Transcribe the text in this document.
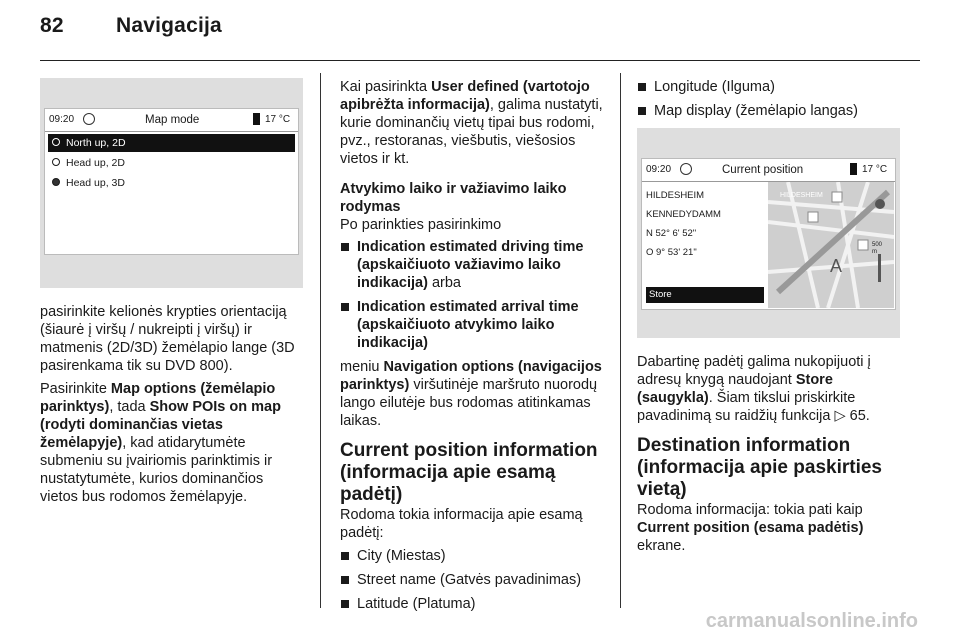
82 Navigacija
09:20	Map mode	17 °C
North up, 2D
Head up, 2D
Head up, 3D

pasirinkite kelionės krypties orientaciją (šiaurė į viršų / nukreipti į viršų) ir matmenis (2D/3D) žemėlapio lange (3D pasirenkama tik su DVD 800).

Pasirinkite Map options (žemėlapio parinktys), tada Show POIs on map (rodyti dominančias vietas žemėlapyje), kad atidarytumėte submeniu su įvairiomis parinktimis ir nustatytumėte, kurios dominančios vietos bus rodomos žemėlapyje.

Kai pasirinkta User defined (vartotojo apibrėžta informacija), galima nustatyti, kurie dominančių vietų tipai bus rodomi, pvz., restoranas, viešbutis, viešosios vietos ir kt.

Atvykimo laiko ir važiavimo laiko rodymas

Po parinkties pasirinkimo

Indication estimated driving time (apskaičiuoto važiavimo laiko indikacija) arba
Indication estimated arrival time (apskaičiuoto atvykimo laiko indikacija)

meniu Navigation options (navigacijos parinktys) viršutinėje maršruto nuorodų lango eilutėje bus rodomas atitinkamas laikas.

Current position information (informacija apie esamą padėtį)

Rodoma tokia informacija apie esamą padėtį:

City (Miestas)
Street name (Gatvės pavadinimas)
Latitude (Platuma)
Longitude (Ilguma)
Map display (žemėlapio langas)
09:20	Current position	17 °C
HILDESHEIM
KENNEDYDAMM
N 52° 6' 52"
O 9° 53' 21"
Store
A
HILDESHEIM
500 m

Dabartinę padėtį galima nukopijuoti į adresų knygą naudojant Store (saugykla). Šiam tikslui priskirkite pavadinimą su raidžių funkcija ▷ 65.

Destination information (informacija apie paskirties vietą)

Rodoma informacija: tokia pati kaip Current position (esama padėtis) ekrane.

carmanualsonline.info
